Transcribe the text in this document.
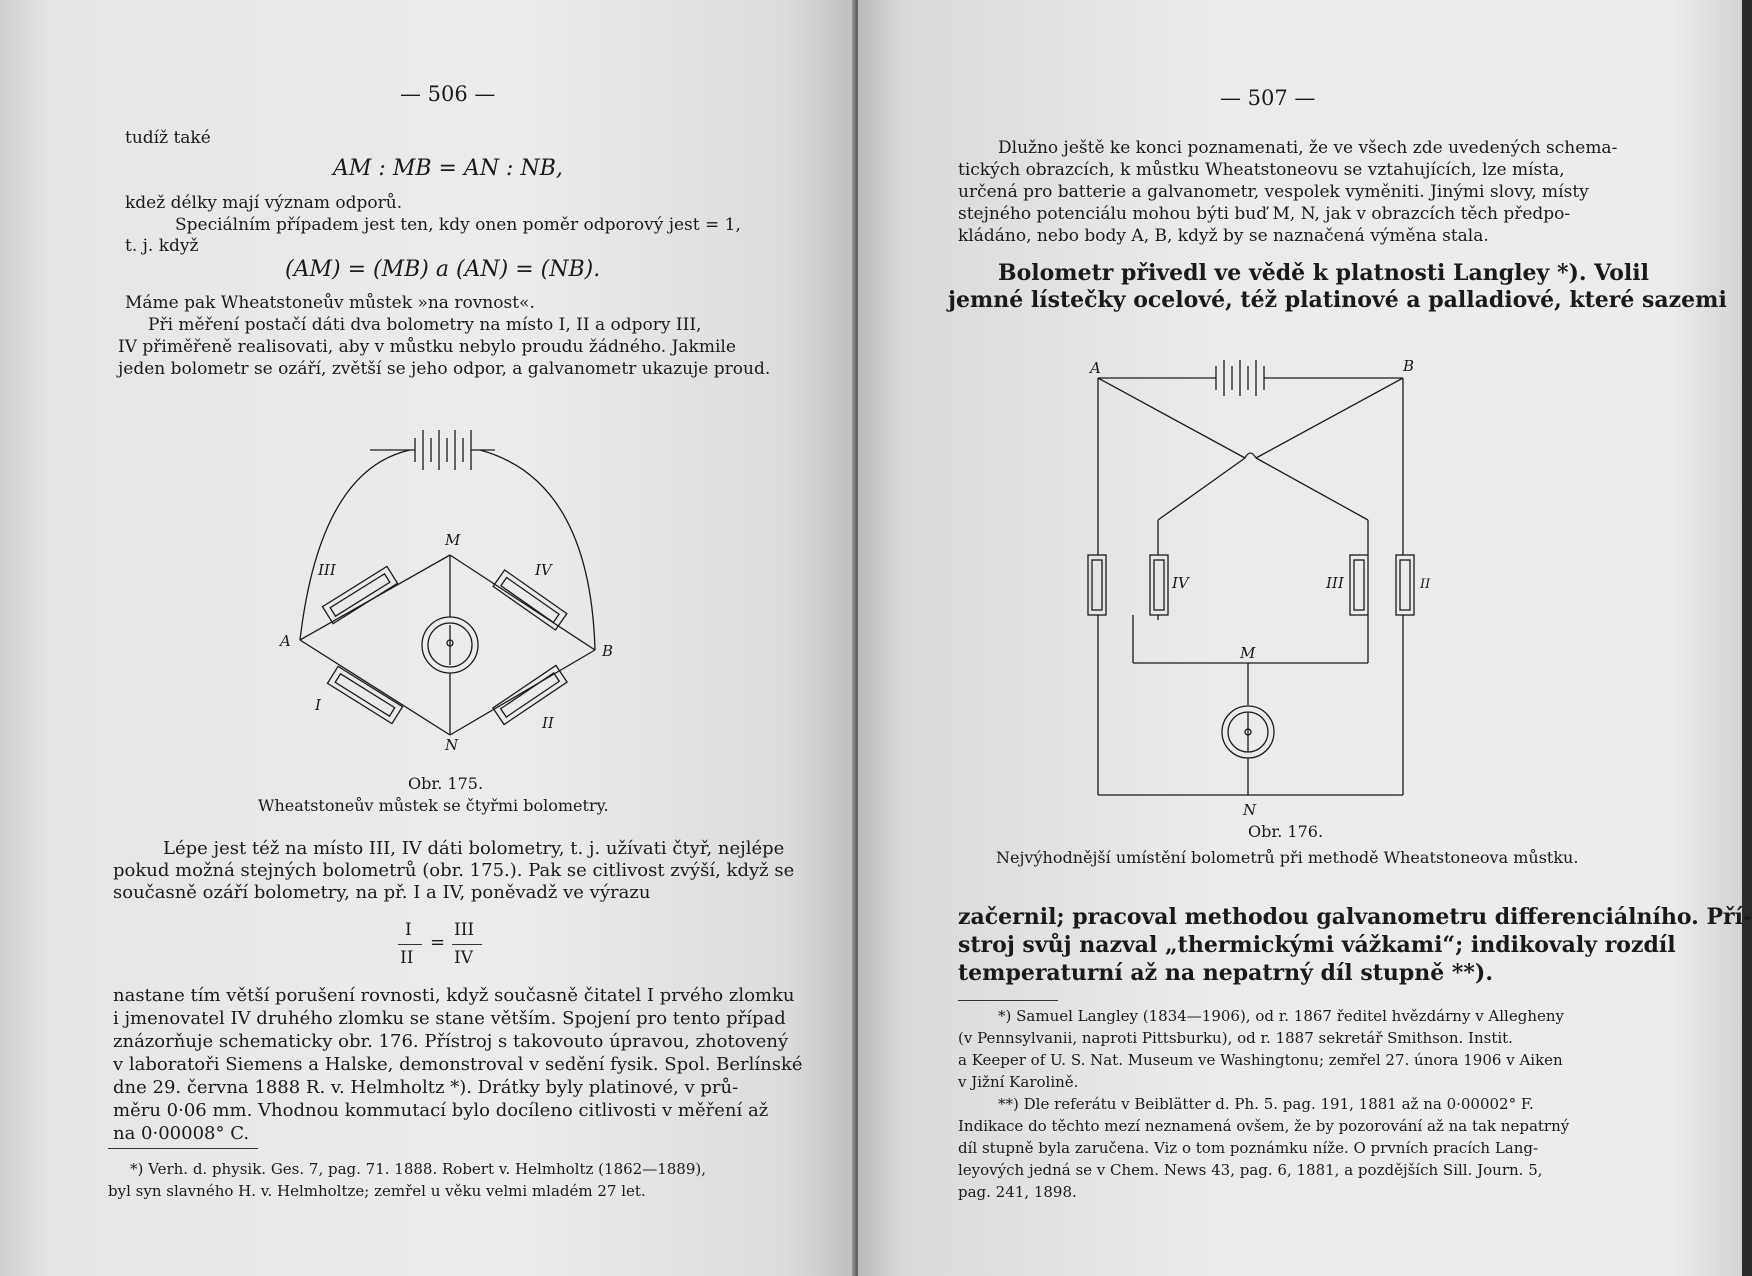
— 506 —
tudíž také
AM : MB = AN : NB,
kdež délky mají význam odporů.
Speciálním případem jest ten, kdy onen poměr odporový jest = 1,
t. j. když
(AM) = (MB) a (AN) = (NB).
Máme pak Wheatstoneův můstek »na rovnost«.
Při měření postačí dáti dva bolometry na místo I, II a odpory III,
IV přiměřeně realisovati, aby v můstku nebylo proudu žádného. Jakmile
jeden bolometr se ozáří, zvětší se jeho odpor, a galvanometr ukazuje proud.
M
N
A
B
I
II
III	IV
Obr. 175.
Wheatstoneův můstek se čtyřmi bolometry.
Lépe jest též na místo III, IV dáti bolometry, t. j. užívati čtyř, nejlépe
pokud možná stejných bolometrů (obr. 175.). Pak se citlivost zvýší, když se
současně ozáří bolometry, na př. I a IV, poněvadž ve výrazu
I
II
=
III
IV
nastane tím větší porušení rovnosti, když současně čitatel I prvého zlomku
i jmenovatel IV druhého zlomku se stane větším. Spojení pro tento případ
znázorňuje schematicky obr. 176. Přístroj s takovouto úpravou, zhotovený
v laboratoři Siemens a Halske, demonstroval v sedění fysik. Spol. Berlínské
dne 29. června 1888 R. v. Helmholtz *). Drátky byly platinové, v prů-
měru 0·06 mm. Vhodnou kommutací bylo docíleno citlivosti v měření až
na 0·00008° C.
*) Verh. d. physik. Ges. 7, pag. 71. 1888. Robert v. Helmholtz (1862—1889),
byl syn slavného H. v. Helmholtze; zemřel u věku velmi mladém 27 let.
— 507 —
Dlužno ještě ke konci poznamenati, že ve všech zde uvedených schema-
tických obrazcích, k můstku Wheatstoneovu se vztahujících, lze místa,
určená pro batterie a galvanometr, vespolek vyměniti. Jinými slovy, místy
stejného potenciálu mohou býti buď M, N, jak v obrazcích těch předpo-
kládáno, nebo body A, B, když by se naznačená výměna stala.
Bolometr přivedl ve vědě k platnosti Langley *). Volil
jemné lístečky ocelové, též platinové a palladiové, které sazemi
A	B
M
N
IV	III	II
Obr. 176.
Nejvýhodnější umístění bolometrů při methodě Wheatstoneova můstku.
začernil; pracoval methodou galvanometru differenciálního. Pří-
stroj svůj nazval „thermickými vážkami“; indikovaly rozdíl
temperaturní až na nepatrný díl stupně **).
*) Samuel Langley (1834—1906), od r. 1867 ředitel hvězdárny v Allegheny
(v Pennsylvanii, naproti Pittsburku), od r. 1887 sekretář Smithson. Instit.
a Keeper of U. S. Nat. Museum ve Washingtonu; zemřel 27. února 1906 v Aiken
v Jižní Karolině.
**) Dle referátu v Beiblätter d. Ph. 5. pag. 191, 1881 až na 0·00002° F.
Indikace do těchto mezí neznamená ovšem, že by pozorování až na tak nepatrný
díl stupně byla zaručena. Viz o tom poznámku níže. O prvních pracích Lang-
leyových jedná se v Chem. News 43, pag. 6, 1881, a pozdějších Sill. Journ. 5,
pag. 241, 1898.
